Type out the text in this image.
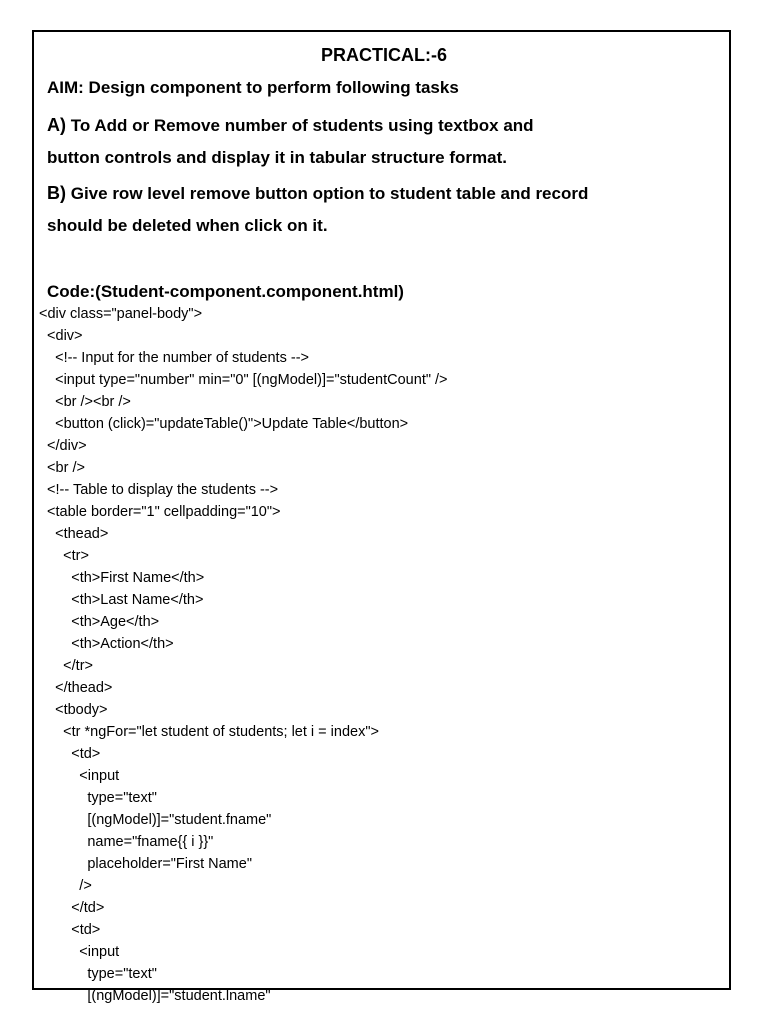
PRACTICAL:-6
AIM: Design component to perform following tasks
A) To Add or Remove number of students using textbox and
button controls and display it in tabular structure format.
B) Give row level remove button option to student table and record
should be deleted when click on it.
Code:(Student-component.component.html)
<div class="panel-body">
<div>
<!-- Input for the number of students -->
<input type="number" min="0" [(ngModel)]="studentCount" />
<br /><br />
<button (click)="updateTable()">Update Table</button>
</div>
<br />
<!-- Table to display the students -->
<table border="1" cellpadding="10">
<thead>
<tr>
<th>First Name</th>
<th>Last Name</th>
<th>Age</th>
<th>Action</th>
</tr>
</thead>
<tbody>
<tr *ngFor="let student of students; let i = index">
<td>
<input
type="text"
[(ngModel)]="student.fname"
name="fname{{ i }}"
placeholder="First Name"
/>
</td>
<td>
<input
type="text"
[(ngModel)]="student.lname"
